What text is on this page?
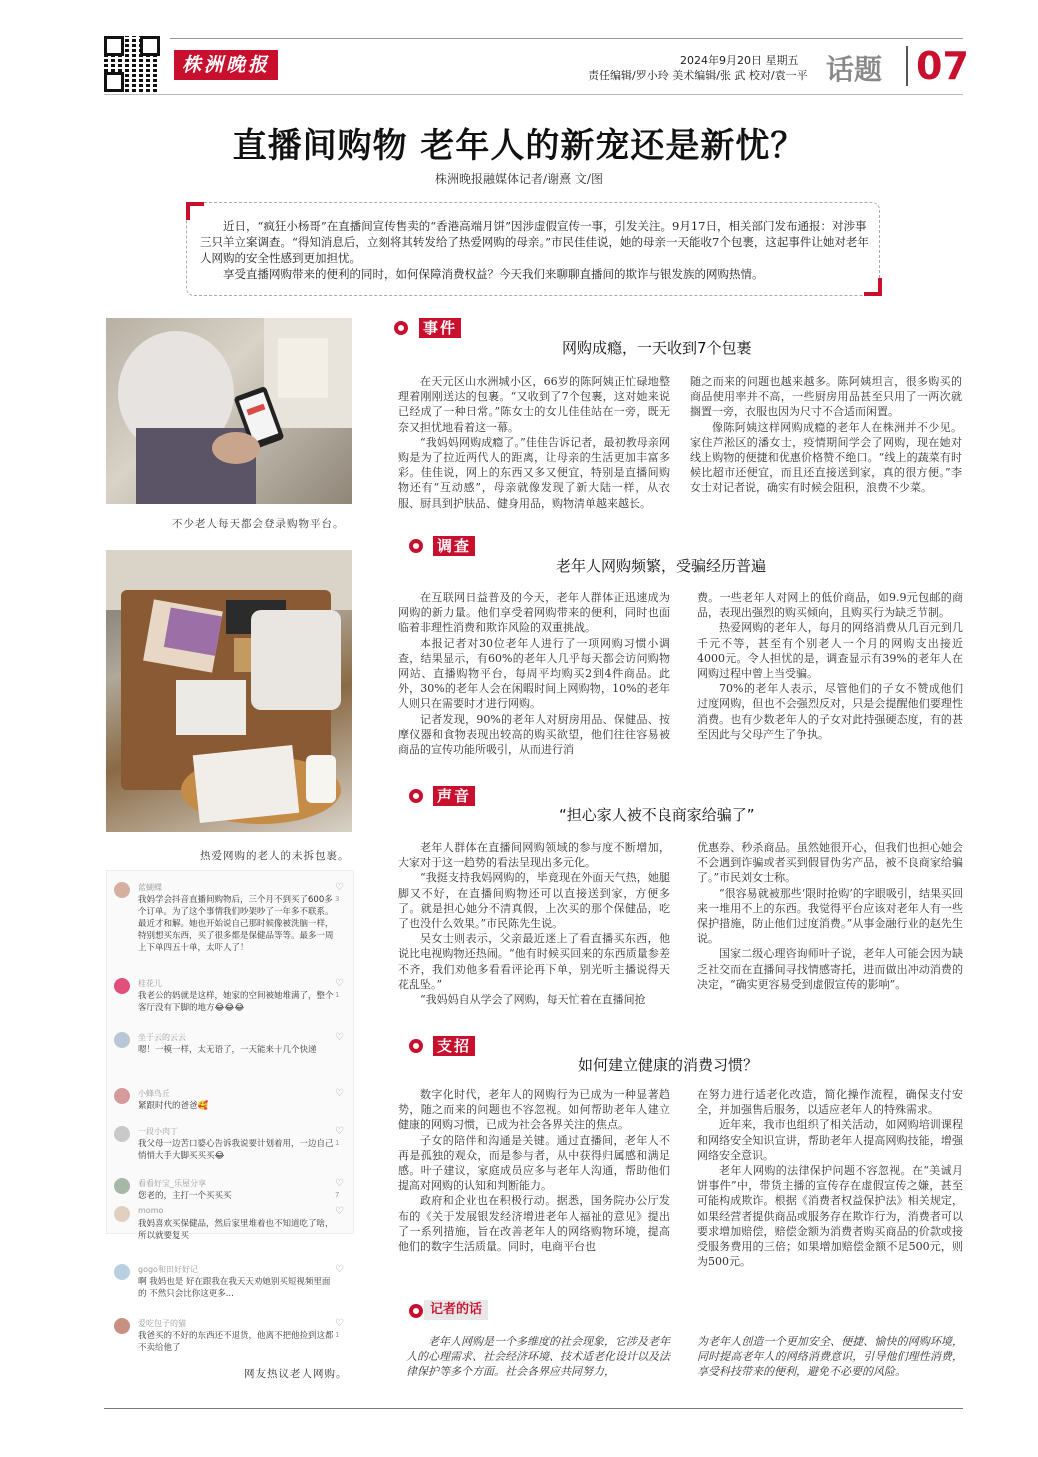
株洲晚报	2024年9月20日 星期五
责任编辑/罗小玲 美术编辑/张 武 校对/袁一平 话题 07
直播间购物 老年人的新宠还是新忧？
株洲晚报融媒体记者/谢熹 文/图

近日，“疯狂小杨哥”在直播间宣传售卖的“香港高端月饼”因涉虚假宣传一事，引发关注。9月17日，相关部门发布通报：对涉事三只羊立案调查。“得知消息后，立刻将其转发给了热爱网购的母亲。”市民佳佳说，她的母亲一天能收7个包裹，这起事件让她对老年人网购的安全性感到更加担忧。

享受直播网购带来的便利的同时，如何保障消费权益？今天我们来聊聊直播间的欺诈与银发族的网购热情。

不少老人每天都会登录购物平台。
热爱网购的老人的未拆包裹。
蓝蝴蝶
我妈学会抖音直播间购物后，三个月不到买了600多个订单。为了这个事情我们吵架吵了一年多不联系。最近才和解。她也开始说自己那时候像被洗脑一样，特别想买东西，买了很多都是保健品等等。最多一周上下单四五十单，太吓人了！
♡
3
桂花儿
我老公的妈就是这样，她家的空间被她堆满了，整个客厅没有下脚的地方😂😂😂
♡
1
坐于云的云云
嗯！一模一样，太无语了，一天能来十几个快递
♡

小蜂鸟丘
紧跟时代的爸爸🥰
♡

一段小肉丁
我父母一边苦口婆心告诉我说要计划着用，一边自己悄悄大手大脚买买买😂
♡
1
看看好宝_乐屋分享
您老的，主打一个买买买
♡
7
momo
我妈喜欢买保健品，然后家里堆着也不知道吃了啥，所以就要复买
♡

gogo和田好好记
啊 我妈也是 好在跟我在我天天劝她别买短视频里面的 不然只会比你这更多...
♡

爱吃包子的猫
我爸买的不好的东西还不退货，他离不把他捡到这都不卖给他了
♡
1
网友热议老人网购。
事件
网购成瘾，一天收到7个包裹

在天元区山水洲城小区，66岁的陈阿姨正忙碌地整理着刚刚送达的包裹。“又收到了7个包裹，这对她来说已经成了一种日常。”陈女士的女儿佳佳站在一旁，既无奈又担忧地看着这一幕。

“我妈妈网购成瘾了。”佳佳告诉记者，最初教母亲网购是为了拉近两代人的距离，让母亲的生活更加丰富多彩。佳佳说，网上的东西又多又便宜，特别是直播间购物还有“互动感”，母亲就像发现了新大陆一样，从衣服、厨具到护肤品、健身用品，购物清单越来越长。

随之而来的问题也越来越多。陈阿姨坦言，很多购买的商品使用率并不高，一些厨房用品甚至只用了一两次就搁置一旁，衣服也因为尺寸不合适而闲置。

像陈阿姨这样网购成瘾的老年人在株洲并不少见。家住芦淞区的潘女士，疫情期间学会了网购，现在她对线上购物的便捷和优惠价格赞不绝口。“线上的蔬菜有时候比超市还便宜，而且还直接送到家，真的很方便。”李女士对记者说，确实有时候会阻积，浪费不少菜。

调查
老年人网购频繁，受骗经历普遍

在互联网日益普及的今天，老年人群体正迅速成为网购的新力量。他们享受着网购带来的便利，同时也面临着非理性消费和欺诈风险的双重挑战。

本报记者对30位老年人进行了一项网购习惯小调查，结果显示，有60%的老年人几乎每天都会访问购物网站、直播购物平台，每周平均购买2到4件商品。此外，30%的老年人会在闲暇时间上网购物，10%的老年人则只在需要时才进行网购。

记者发现，90%的老年人对厨房用品、保健品、按摩仪器和食物表现出较高的购买欲望，他们往往容易被商品的宣传功能所吸引，从而进行消

费。一些老年人对网上的低价商品，如9.9元包邮的商品，表现出强烈的购买倾向，且购买行为缺乏节制。

热爱网购的老年人，每月的网络消费从几百元到几千元不等，甚至有个别老人一个月的网购支出接近4000元。令人担忧的是，调查显示有39%的老年人在网购过程中曾上当受骗。

70%的老年人表示，尽管他们的子女不赞成他们过度网购，但也不会强烈反对，只是会提醒他们要理性消费。也有少数老年人的子女对此持强硬态度，有的甚至因此与父母产生了争执。

声音
“担心家人被不良商家给骗了”

老年人群体在直播间网购领域的参与度不断增加，大家对于这一趋势的看法呈现出多元化。

“我挺支持我妈网购的，毕竟现在外面天气热，她腿脚又不好，在直播间购物还可以直接送到家，方便多了。就是担心她分不清真假，上次买的那个保健品，吃了也没什么效果。”市民陈先生说。

吴女士则表示，父亲最近迷上了看直播买东西，他说比电视购物还热闹。“他有时候买回来的东西质量参差不齐，我们劝他多看看评论再下单，别光听主播说得天花乱坠。”

“我妈妈自从学会了网购，每天忙着在直播间抢

优惠券、秒杀商品。虽然她很开心，但我们也担心她会不会遇到诈骗或者买到假冒伪劣产品，被不良商家给骗了。”市民刘女士称。

“很容易就被那些‘限时抢购’的字眼吸引，结果买回来一堆用不上的东西。我觉得平台应该对老年人有一些保护措施，防止他们过度消费。”从事金融行业的赵先生说。

国家二级心理咨询师叶子说，老年人可能会因为缺乏社交而在直播间寻找情感寄托，进而做出冲动消费的决定，“确实更容易受到虚假宣传的影响”。

支招
如何建立健康的消费习惯？

数字化时代，老年人的网购行为已成为一种显著趋势，随之而来的问题也不容忽视。如何帮助老年人建立健康的网购习惯，已成为社会各界关注的焦点。

子女的陪伴和沟通是关键。通过直播间，老年人不再是孤独的观众，而是参与者，从中获得归属感和满足感。叶子建议，家庭成员应多与老年人沟通，帮助他们提高对网购的认知和判断能力。

政府和企业也在积极行动。据悉，国务院办公厅发布的《关于发展银发经济增进老年人福祉的意见》提出了一系列措施，旨在改善老年人的网络购物环境，提高他们的数字生活质量。同时，电商平台也

在努力进行适老化改造，简化操作流程，确保支付安全，并加强售后服务，以适应老年人的特殊需求。

近年来，我市也组织了相关活动，如网购培训课程和网络安全知识宣讲，帮助老年人提高网购技能，增强网络安全意识。

老年人网购的法律保护问题不容忽视。在“美诚月饼事件”中，带货主播的宣传存在虚假宣传之嫌，甚至可能构成欺诈。根据《消费者权益保护法》相关规定，如果经营者提供商品或服务存在欺诈行为，消费者可以要求增加赔偿，赔偿金额为消费者购买商品的价款或接受服务费用的三倍；如果增加赔偿金额不足500元，则为500元。

记者的话

老年人网购是一个多维度的社会现象，它涉及老年人的心理需求、社会经济环境、技术适老化设计以及法律保护等多个方面。社会各界应共同努力，

为老年人创造一个更加安全、便捷、愉快的网购环境，同时提高老年人的网络消费意识，引导他们理性消费，享受科技带来的便利，避免不必要的风险。
